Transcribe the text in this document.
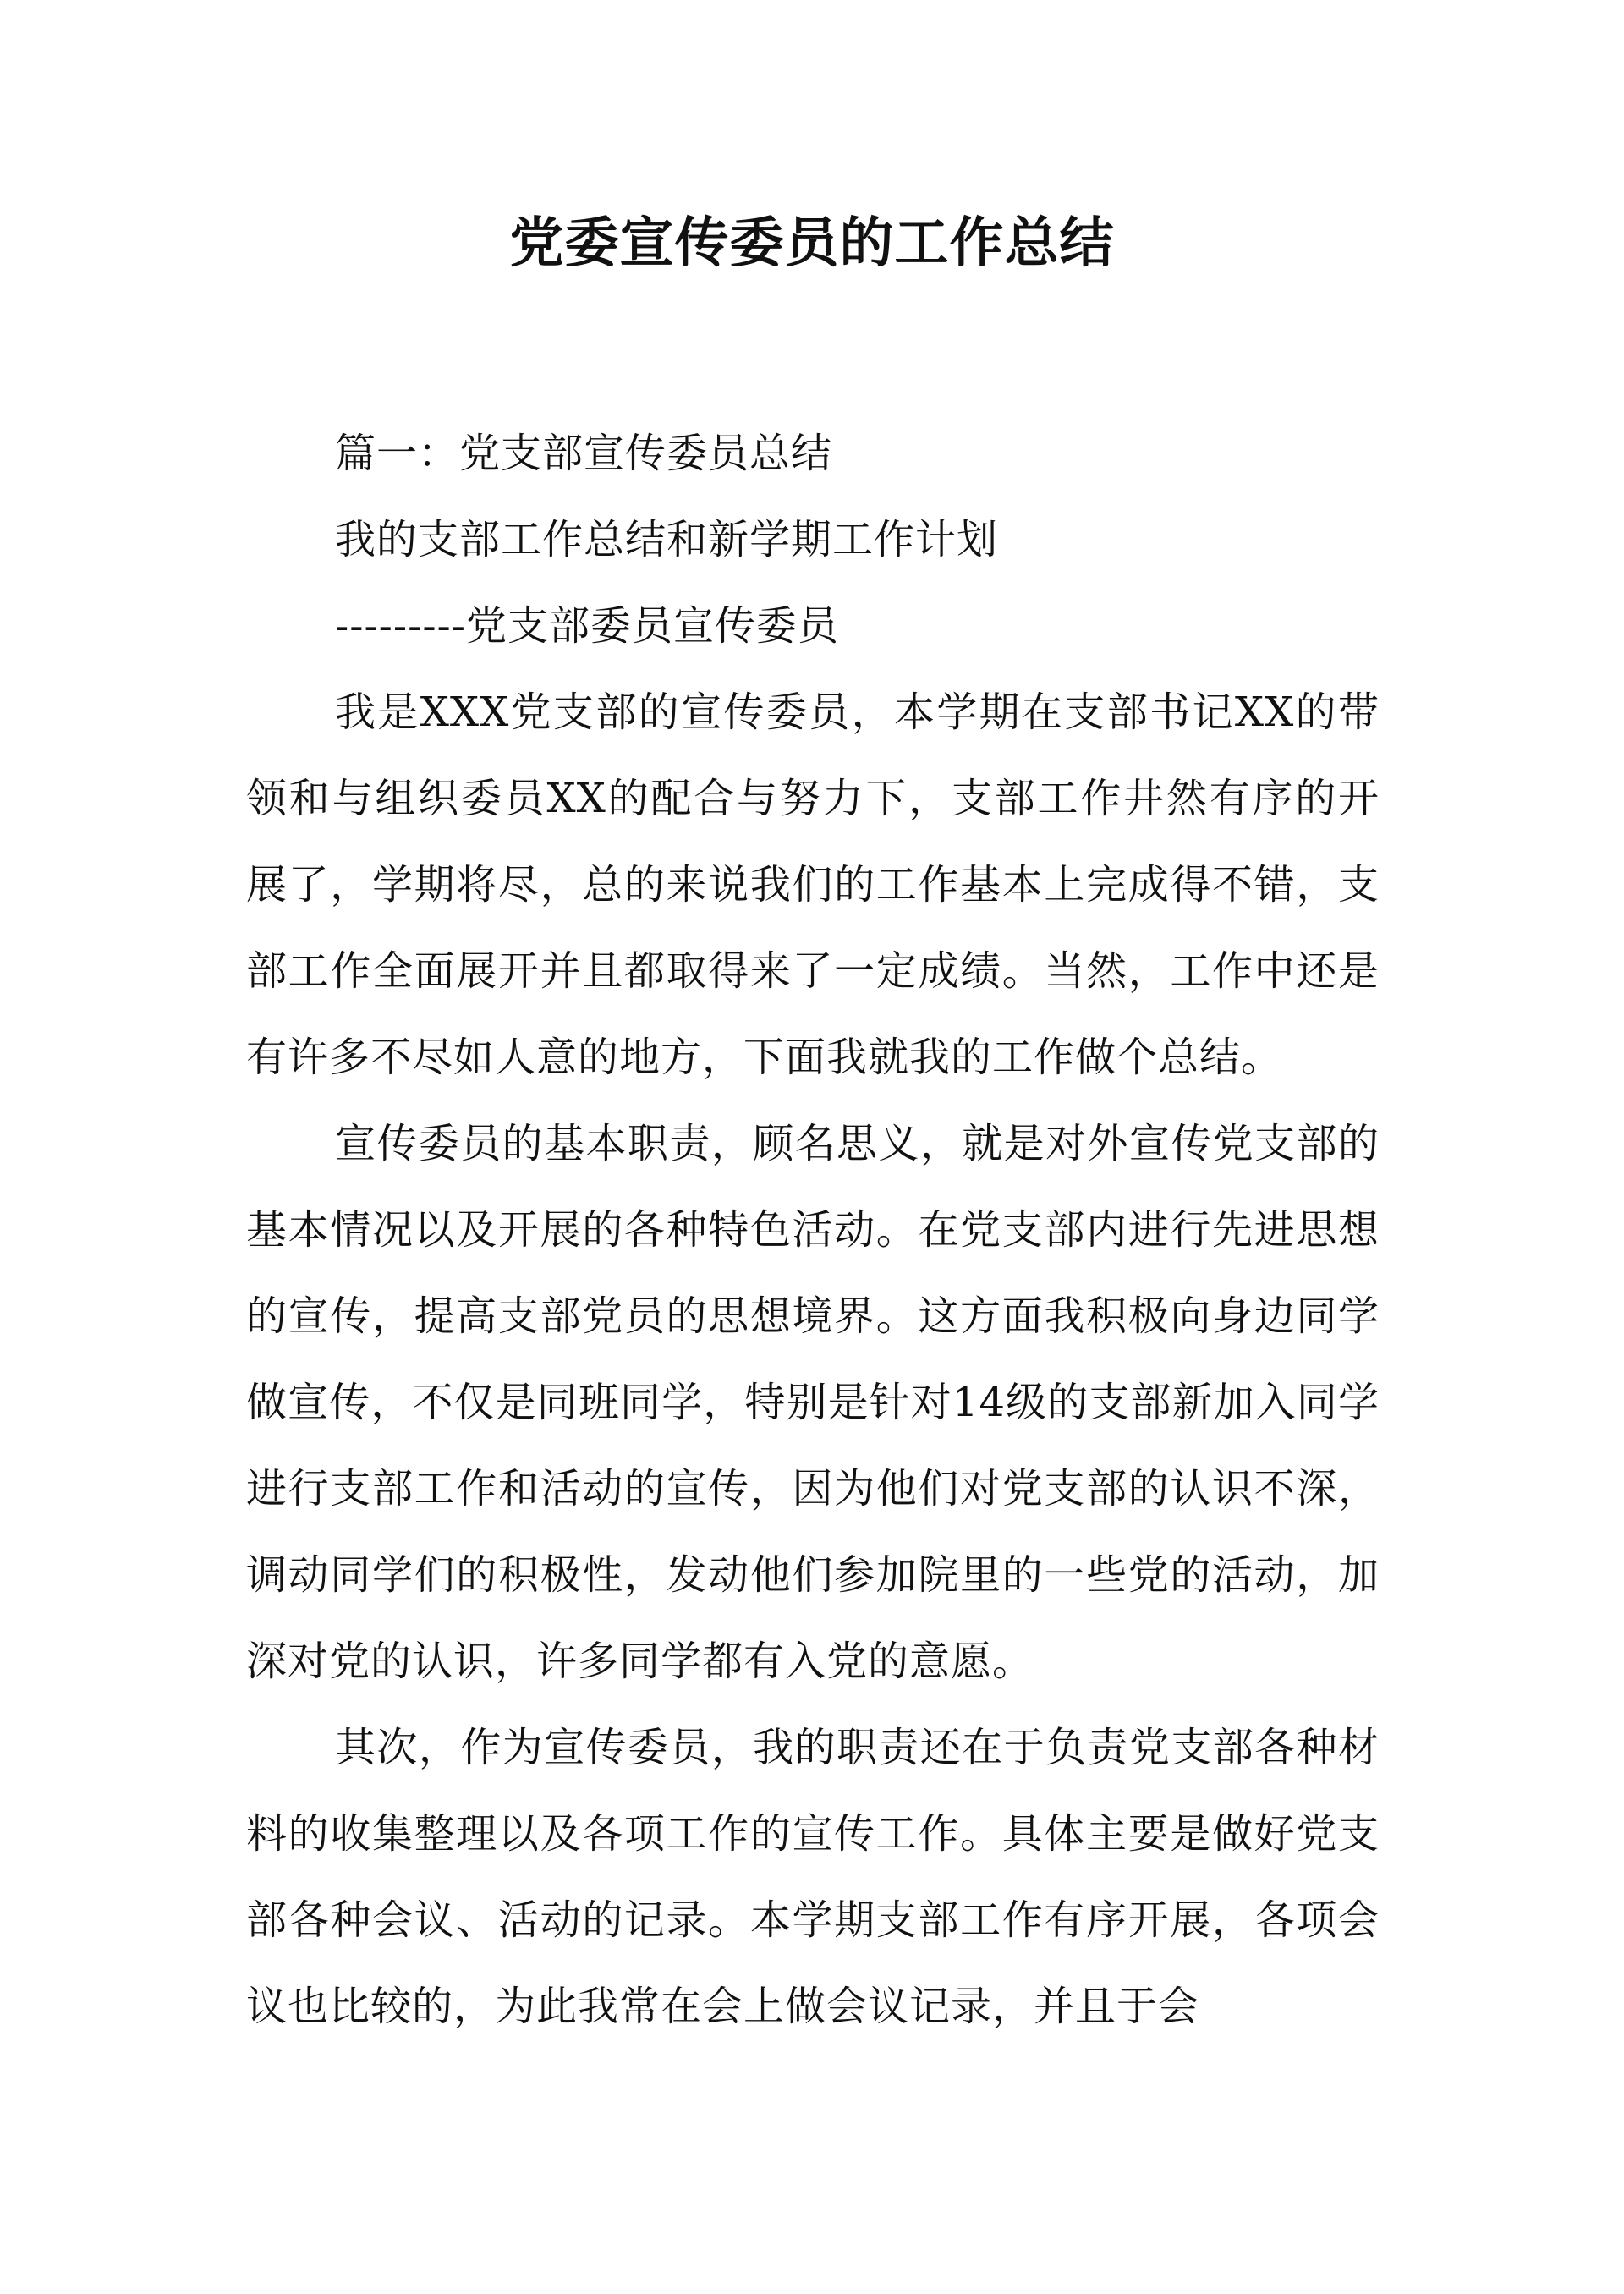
党委宣传委员的工作总结

篇一：党支部宣传委员总结

我的支部工作总结和新学期工作计划

---------党支部委员宣传委员

我是XXX党支部的宣传委员，本学期在支部书记XX的带领和与组织委员XX的配合与努力下，支部工作井然有序的开展了，学期将尽，总的来说我们的工作基本上完成得不错，支部工作全面展开并且都取得来了一定成绩。当然，工作中还是有许多不尽如人意的地方，下面我就我的工作做个总结。

宣传委员的基本职责，顾名思义，就是对外宣传党支部的基本情况以及开展的各种特色活动。在党支部内进行先进思想的宣传，提高支部党员的思想境界。这方面我积极向身边同学做宣传，不仅是同班同学，特别是针对14级的支部新加入同学进行支部工作和活动的宣传，因为他们对党支部的认识不深，调动同学们的积极性，发动他们参加院里的一些党的活动，加深对党的认识，许多同学都有入党的意愿。

其次，作为宣传委员，我的职责还在于负责党支部各种材料的收集整理以及各项工作的宣传工作。具体主要是做好党支部各种会议、活动的记录。本学期支部工作有序开展，各项会议也比较的，为此我常在会上做会议记录，并且于会
